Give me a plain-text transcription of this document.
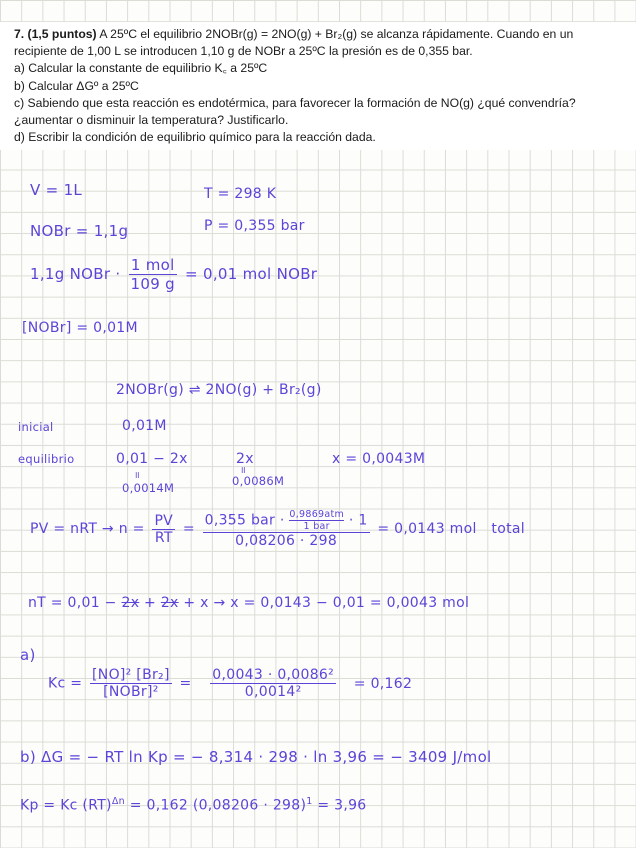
7. (1,5 puntos) A 25ºC el equilibrio 2NOBr(g) = 2NO(g) + Br₂(g) se alcanza rápidamente. Cuando en un recipiente de 1,00 L se introducen 1,10 g de NOBr a 25ºC la presión es de 0,355 bar.
a) Calcular la constante de equilibrio K꜀ a 25ºC
b) Calcular ΔGº a 25ºC
c) Sabiendo que esta reacción es endotérmica, para favorecer la formación de NO(g) ¿qué convendría?¿aumentar o disminuir la temperatura? Justificarlo.
d) Escribir la condición de equilibrio químico para la reacción dada.
V = 1L	T = 298 K
NOBr = 1,1g	P = 0,355 bar
1,1g NOBr · $\frac{\text{1 mol}}{109 g} = 0,01$ mol NOBr
[NOBr] = 0,01M
2NOBr(g) ⇌ 2NO(g) + Br₂(g)
inicial	0,01M
equilibrio	0,01 − 2x	2x	x = 0,0043M
॥	॥
0,0014M	0,0086M
PV = nRT → $n = \frac{PV}{RT}$ =
0,355 bar · 0,9869atm
1 bar	· 1
0,08206 · 298
= 0,0143 mol total
nT = 0,01 − 2x + 2x + x → x = 0,0143 − 0,01 = 0,0043 mol
a)
$Kc = \frac{\text{[NO]² [Br₂]}}{\text{[NOBr]²}} = \frac{\text{0,0043 · 0,0086²}}{\text{0,0014²}} = 0,162$
b) ΔG = − RT ln Kp = − 8,314 · 298 · ln 3,96 = − 3409 J/mol
Kp = Kc (RT)$^{\Delta n}$ = 0,162 $(0,08206 \cdot 298)^1 = 3,96$
